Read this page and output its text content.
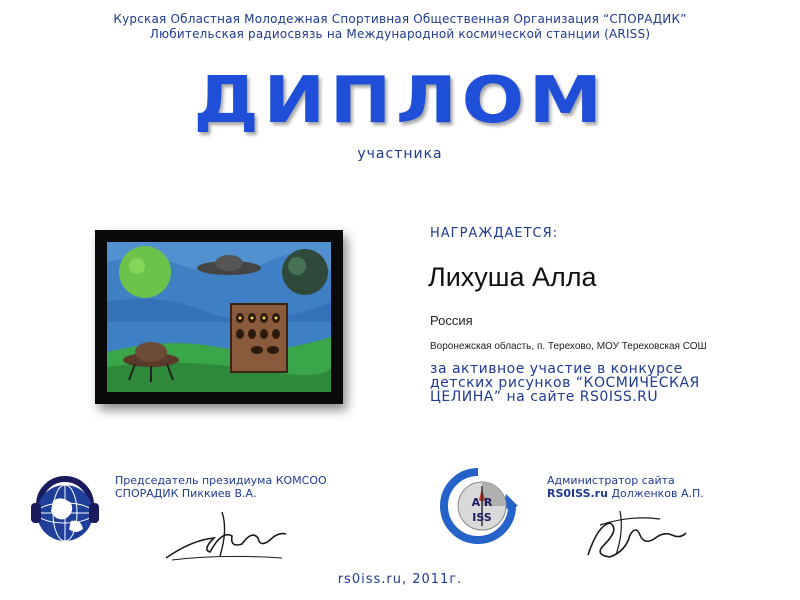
Курская Областная Молодежная Спортивная Общественная Организация “СПОРАДИК”
Любительская радиосвязь на Международной космической станции (ARISS)
ДИПЛОМ
участника
НАГРАЖДАЕТСЯ:
Лихуша Алла
Россия
Воронежская область, п. Терехово, МОУ Тереховская СОШ
за активное участие в конкурсе
детских рисунков “КОСМИЧЕСКАЯ
ЦЕЛИНА” на сайте RS0ISS.RU
Председатель президиума КОМСОО
СПОРАДИК Пиккиев В.А.
A R
ISS
Администратор сайта
RS0ISS.ru Долженков А.П.
rs0iss.ru, 2011г.
